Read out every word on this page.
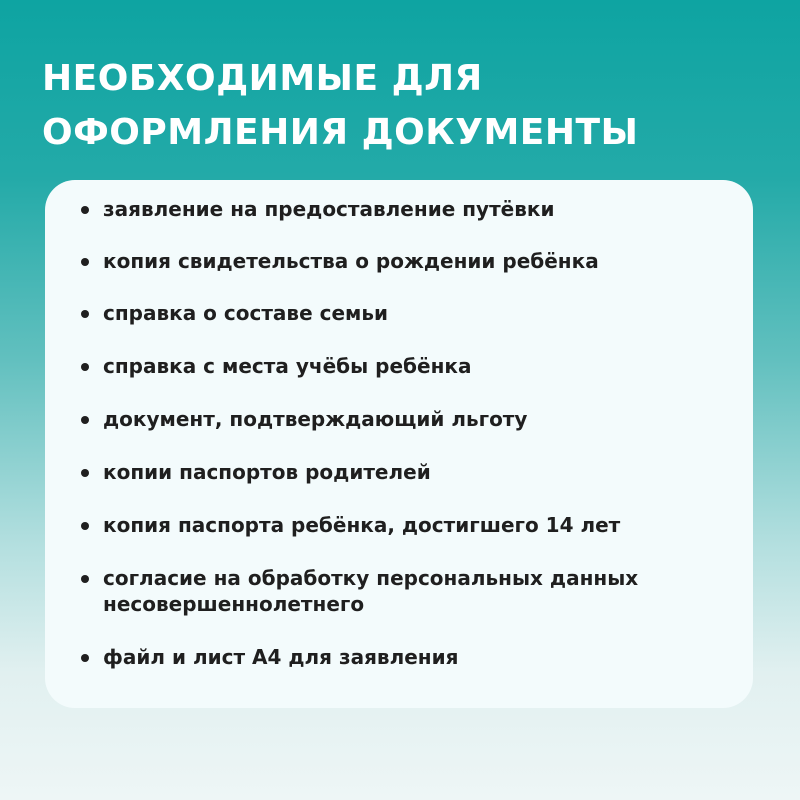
НЕОБХОДИМЫЕ ДЛЯ
ОФОРМЛЕНИЯ ДОКУМЕНТЫ
заявление на предоставление путёвки
копия свидетельства о рождении ребёнка
справка о составе семьи
справка с места учёбы ребёнка
документ, подтверждающий льготу
копии паспортов родителей
копия паспорта ребёнка, достигшего 14 лет
согласие на обработку персональных данных
несовершеннолетнего
файл и лист А4 для заявления
